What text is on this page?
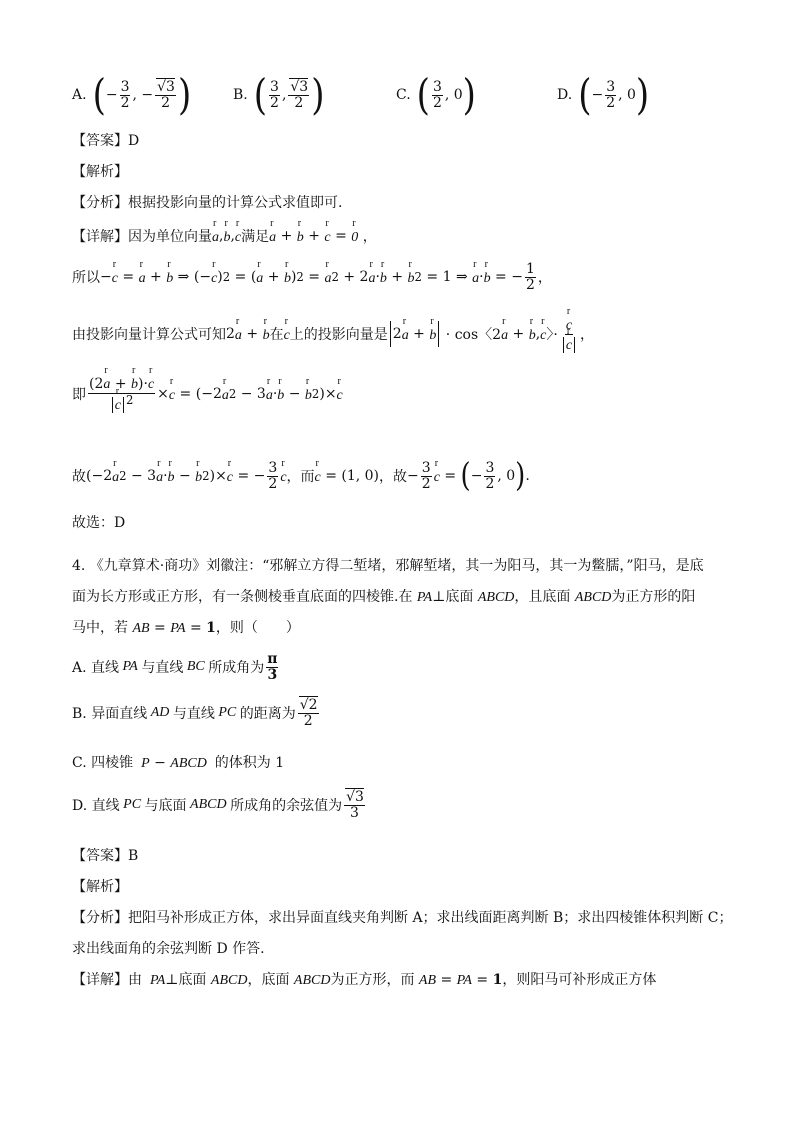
A. ( − $\frac{3}{2}$ , − $\frac{√3}{2}$ )	B. ( $\frac{3}{2}$ , $\frac{√3}{2}$ )	C. ( $\frac{3}{2}$ , 0 )	D. ( − $\frac{3}{2}$ , 0 )
【答案】D
【解析】
【分析】根据投影向量的计算公式求值即可.
【详解】因为单位向量 r a , r b , r c 满足 r a + r b + r c = r 0 ，
所以 − r c = r a + r b ⇒ ( − r c ) 2 = ( r a + r b ) 2 = r a 2 + 2 r a · r b + r b 2 = 1 ⇒ r a · r b = − $\frac{1}{2}$ ，
由投影向量计算公式可知 2 r a + r b 在 r c 上的投影向量是 2 r a + r b · cos〈2 r a + r b , r c 〉· r c
r c ，
即 (2r a + r b)·r c
r c $^2$ × r c = ( −2 r a 2 − 3 r a · r b − r b 2 ) × r c
故 ( −2 r a 2 − 3 r a · r b − r b 2 ) × r c = − $\frac{3}{2}$ r c ，而 r c = (1, 0) ，故 − $\frac{3}{2}$ r c = ( − $\frac{3}{2}$ , 0 ) .
故选：D
4. 《九章算术·商功》刘徽注：“邪解立方得二堑堵，邪解堑堵，其一为阳马，其一为鳖臑，”阳马，是底
面为长方形或正方形，有一条侧棱垂直底面的四棱锥.在 PA⊥底面 ABCD，且底面 ABCD为正方形的阳
马中，若 AB = PA = 1，则（　　）
A. 直线 PA 与直线 BC 所成角为 $\frac{\pi}{3}$
B. 异面直线 AD 与直线 PC 的距离为 $\frac{√2}{2}$
C. 四棱锥  P − ABCD  的体积为 1
D. 直线 PC 与底面 ABCD 所成角的余弦值为 $\frac{√3}{3}$
【答案】B
【解析】
【分析】把阳马补形成正方体，求出异面直线夹角判断 A；求出线面距离判断 B；求出四棱锥体积判断 C；
求出线面角的余弦判断 D 作答.
【详解】由  PA⊥底面 ABCD，底面 ABCD为正方形，而 AB = PA = 1，则阳马可补形成正方体
